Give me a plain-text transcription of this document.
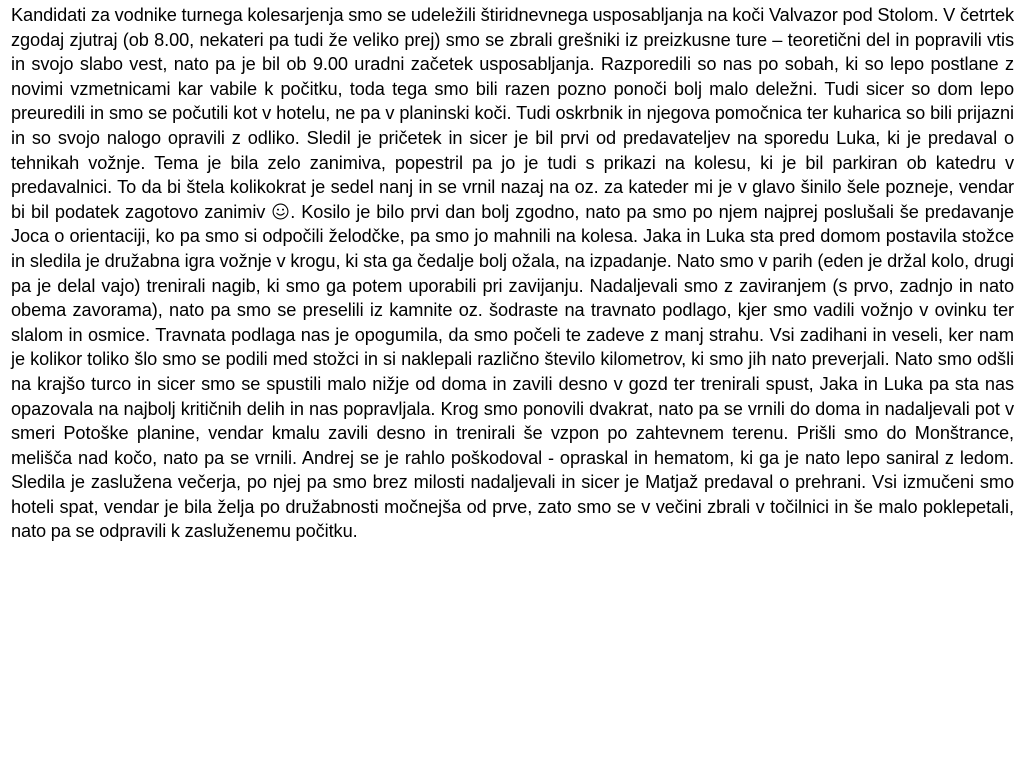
Kandidati za vodnike turnega kolesarjenja smo se udeležili štiridnevnega usposabljanja na koči Valvazor pod Stolom. V četrtek zgodaj zjutraj (ob 8.00, nekateri pa tudi že veliko prej) smo se zbrali grešniki iz preizkusne ture – teoretični del in popravili vtis in svojo slabo vest, nato pa je bil ob 9.00 uradni začetek usposabljanja. Razporedili so nas po sobah, ki so lepo postlane z novimi vzmetnicami kar vabile k počitku, toda tega smo bili razen pozno ponoči bolj malo deležni. Tudi sicer so dom lepo preuredili in smo se počutili kot v hotelu, ne pa v planinski koči. Tudi oskrbnik in njegova pomočnica ter kuharica so bili prijazni in so svojo nalogo opravili z odliko. Sledil je pričetek in sicer je bil prvi od predavateljev na sporedu Luka, ki je predaval o tehnikah vožnje. Tema je bila zelo zanimiva, popestril pa jo je tudi s prikazi na kolesu, ki je bil parkiran ob katedru v predavalnici. To da bi štela kolikokrat je sedel nanj in se vrnil nazaj na oz. za kateder mi je v glavo šinilo šele pozneje, vendar bi bil podatek zagotovo zanimiv . Kosilo je bilo prvi dan bolj zgodno, nato pa smo po njem najprej poslušali še predavanje Joca o orientaciji, ko pa smo si odpočili želodčke, pa smo jo mahnili na kolesa. Jaka in Luka sta pred domom postavila stožce in sledila je družabna igra vožnje v krogu, ki sta ga čedalje bolj ožala, na izpadanje. Nato smo v parih (eden je držal kolo, drugi pa je delal vajo) trenirali nagib, ki smo ga potem uporabili pri zavijanju. Nadaljevali smo z zaviranjem (s prvo, zadnjo in nato obema zavorama), nato pa smo se preselili iz kamnite oz. šodraste na travnato podlago, kjer smo vadili vožnjo v ovinku ter slalom in osmice. Travnata podlaga nas je opogumila, da smo počeli te zadeve z manj strahu. Vsi zadihani in veseli, ker nam je kolikor toliko šlo smo se podili med stožci in si naklepali različno število kilometrov, ki smo jih nato preverjali. Nato smo odšli na krajšo turco in sicer smo se spustili malo nižje od doma in zavili desno v gozd ter trenirali spust, Jaka in Luka pa sta nas opazovala na najbolj kritičnih delih in nas popravljala. Krog smo ponovili dvakrat, nato pa se vrnili do doma in nadaljevali pot v smeri Potoške planine, vendar kmalu zavili desno in trenirali še vzpon po zahtevnem terenu. Prišli smo do Monštrance, melišča nad kočo, nato pa se vrnili. Andrej se je rahlo poškodoval - opraskal in hematom, ki ga je nato lepo saniral z ledom. Sledila je zaslužena večerja, po njej pa smo brez milosti nadaljevali in sicer je Matjaž predaval o prehrani. Vsi izmučeni smo hoteli spat, vendar je bila želja po družabnosti močnejša od prve, zato smo se v večini zbrali v točilnici in še malo poklepetali, nato pa se odpravili k zasluženemu počitku.
